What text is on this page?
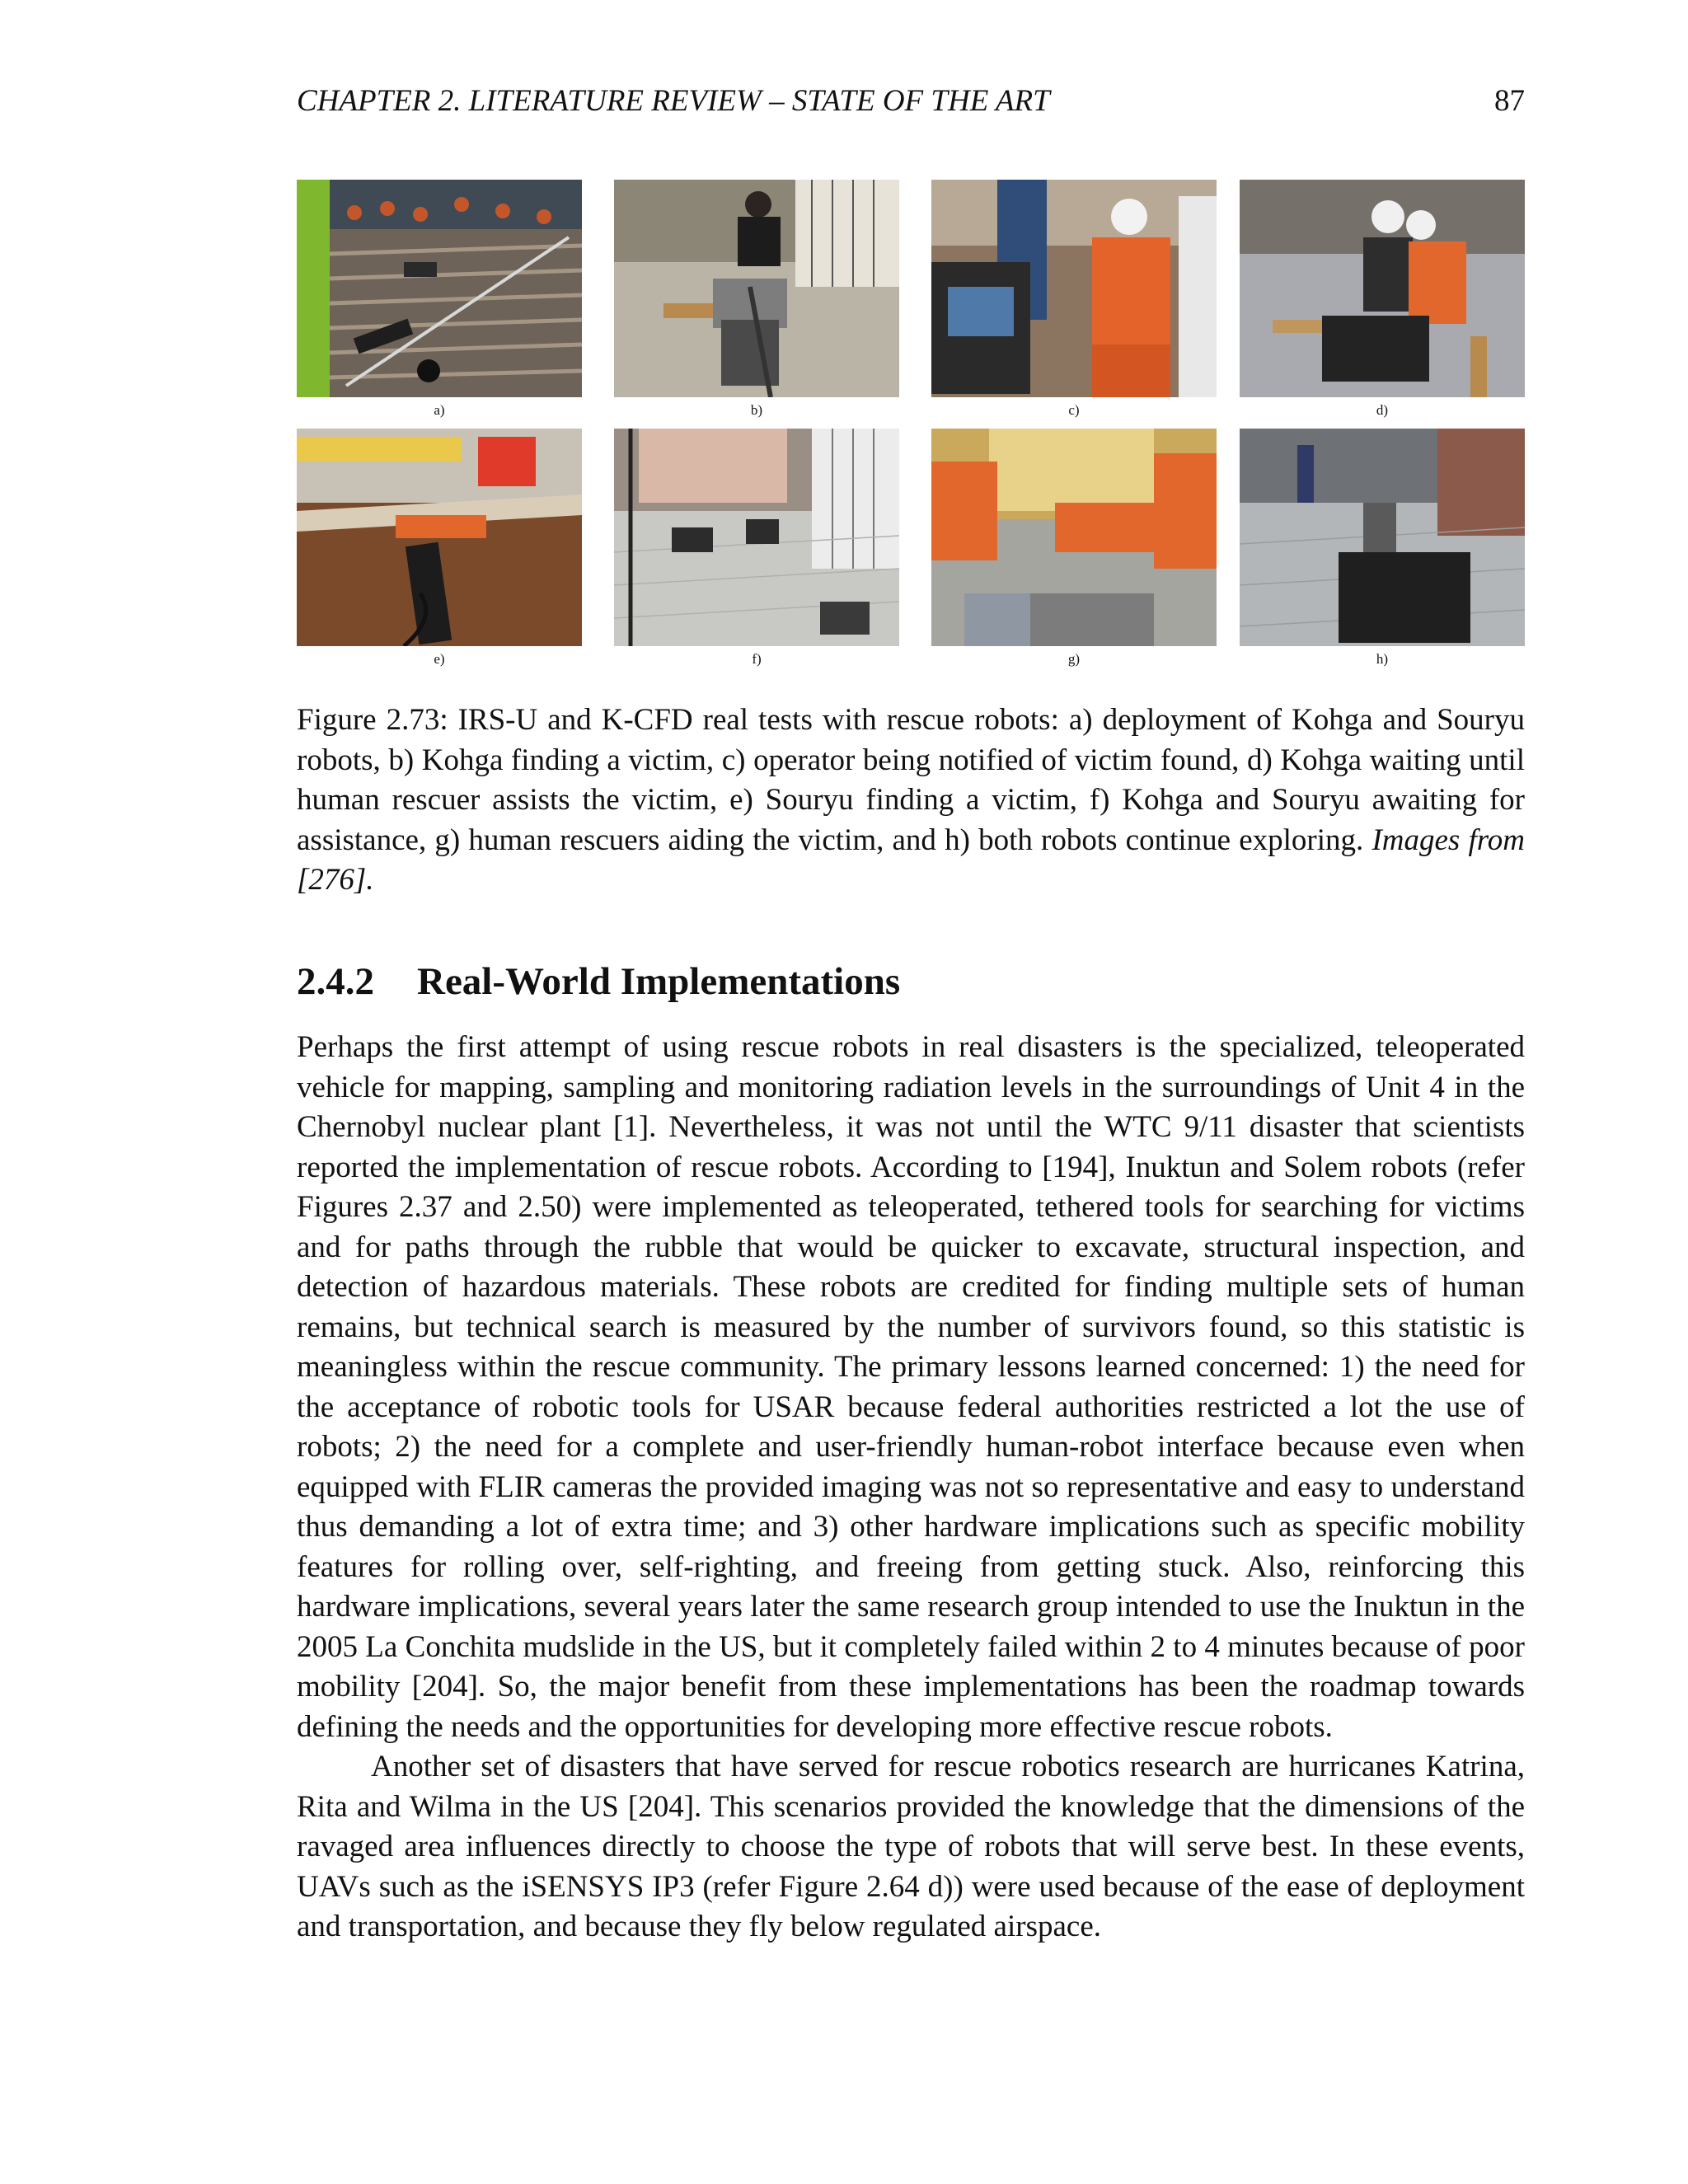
CHAPTER 2. LITERATURE REVIEW – STATE OF THE ART	87
a)	b)	c)	d)
e)	f)	g)	h)
Figure 2.73: IRS-U and K-CFD real tests with rescue robots: a) deployment of Kohga and Souryu robots, b) Kohga finding a victim, c) operator being notified of victim found, d) Kohga waiting until human rescuer assists the victim, e) Souryu finding a victim, f) Kohga and Souryu awaiting for assistance, g) human rescuers aiding the victim, and h) both robots continue exploring. Images from [276].
2.4.2 Real-World Implementations

Perhaps the first attempt of using rescue robots in real disasters is the specialized, teleoperated vehicle for mapping, sampling and monitoring radiation levels in the surroundings of Unit 4 in the Chernobyl nuclear plant [1]. Nevertheless, it was not until the WTC 9/11 disaster that scientists reported the implementation of rescue robots. According to [194], Inuktun and Solem robots (refer Figures 2.37 and 2.50) were implemented as teleoperated, tethered tools for searching for victims and for paths through the rubble that would be quicker to excavate, structural inspection, and detection of hazardous materials. These robots are credited for finding multiple sets of human remains, but technical search is measured by the number of survivors found, so this statistic is meaningless within the rescue community. The primary lessons learned concerned: 1) the need for the acceptance of robotic tools for USAR because federal authorities restricted a lot the use of robots; 2) the need for a complete and user-friendly human-robot interface because even when equipped with FLIR cameras the provided imaging was not so representative and easy to understand thus demanding a lot of extra time; and 3) other hardware implications such as specific mobility features for rolling over, self-righting, and freeing from getting stuck. Also, reinforcing this hardware implications, several years later the same research group intended to use the Inuktun in the 2005 La Conchita mudslide in the US, but it completely failed within 2 to 4 minutes because of poor mobility [204]. So, the major benefit from these implementations has been the roadmap towards defining the needs and the opportunities for developing more effective rescue robots.

Another set of disasters that have served for rescue robotics research are hurricanes Katrina, Rita and Wilma in the US [204]. This scenarios provided the knowledge that the dimensions of the ravaged area influences directly to choose the type of robots that will serve best. In these events, UAVs such as the iSENSYS IP3 (refer Figure 2.64 d)) were used because of the ease of deployment and transportation, and because they fly below regulated airspace.
